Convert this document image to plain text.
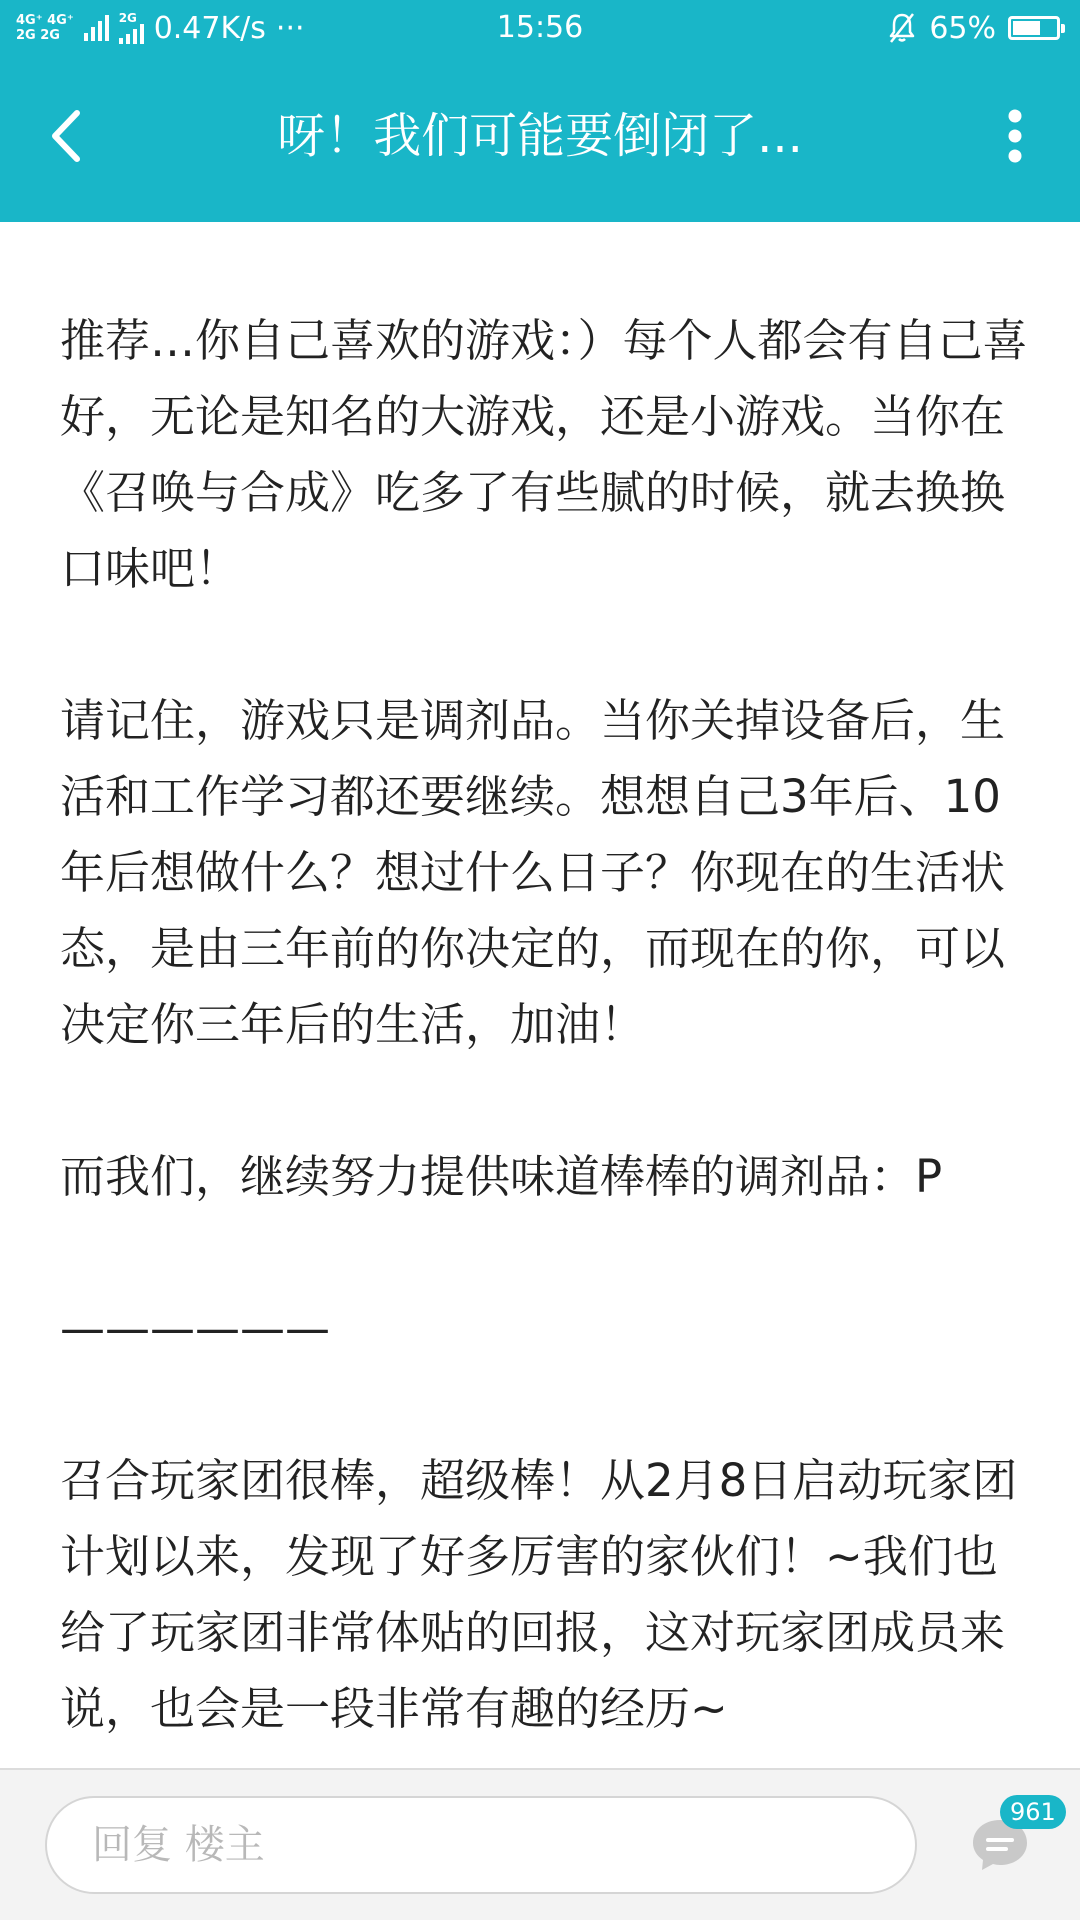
4G⁺ 4G⁺
2G 2G
2G 0.47K/s ···	15:56	65%
呀！我们可能要倒闭了...

推荐…你自己喜欢的游戏：）每个人都会有自己喜好，无论是知名的大游戏，还是小游戏。当你在《召唤与合成》吃多了有些腻的时候，就去换换口味吧！

请记住，游戏只是调剂品。当你关掉设备后，生活和工作学习都还要继续。想想自己3年后、10年后想做什么？想过什么日子？你现在的生活状态，是由三年前的你决定的，而现在的你，可以决定你三年后的生活，加油！

而我们，继续努力提供味道棒棒的调剂品：P

——————

召合玩家团很棒，超级棒！从2月8日启动玩家团计划以来，发现了好多厉害的家伙们！~我们也给了玩家团非常体贴的回报，这对玩家团成员来说，也会是一段非常有趣的经历~

回复 楼主
961
